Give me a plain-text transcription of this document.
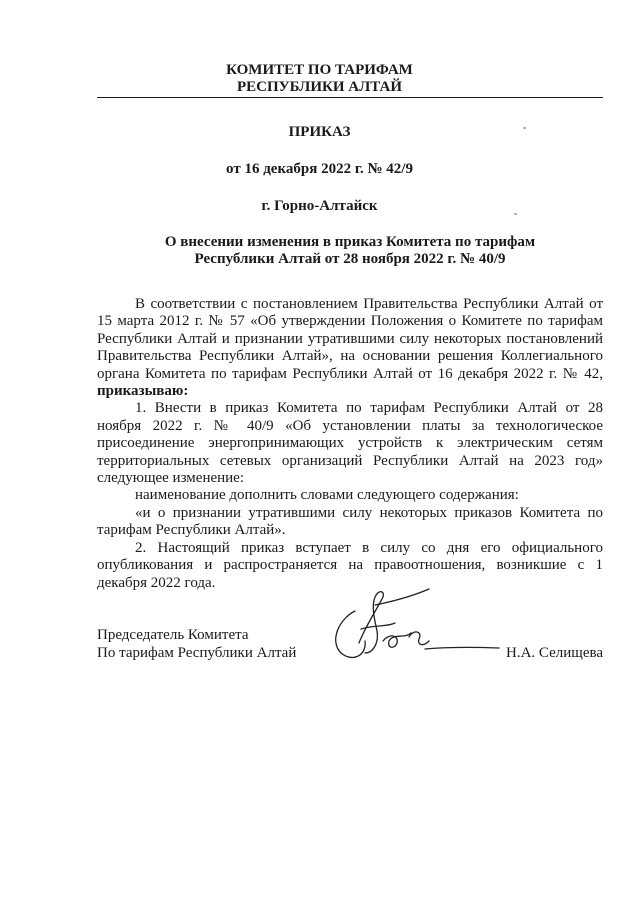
КОМИТЕТ ПО ТАРИФАМ
РЕСПУБЛИКИ АЛТАЙ
ПРИКАЗ
от 16 декабря 2022 г. № 42/9
г. Горно-Алтайск
О внесении изменения в приказ Комитета по тарифам
Республики Алтай от 28 ноября 2022 г. № 40/9

В соответствии с постановлением Правительства Республики Алтай от 15 марта 2012 г. № 57 «Об утверждении Положения о Комитете по тарифам Республики Алтай и признании утратившими силу некоторых постановлений Правительства Республики Алтай», на основании решения Коллегиального органа Комитета по тарифам Республики Алтай от 16 декабря 2022 г. № 42, приказываю:

1. Внести в приказ Комитета по тарифам Республики Алтай от 28 ноября 2022 г. № 40/9 «Об установлении платы за технологическое присоединение энергопринимающих устройств к электрическим сетям территориальных сетевых организаций Республики Алтай на 2023 год» следующее изменение:

наименование дополнить словами следующего содержания:

«и о признании утратившими силу некоторых приказов Комитета по тарифам Республики Алтай».

2. Настоящий приказ вступает в силу со дня его официального опубликования и распространяется на правоотношения, возникшие с 1 декабря 2022 года.

Председатель Комитета
По тарифам Республики Алтай	Н.А. Селищева
